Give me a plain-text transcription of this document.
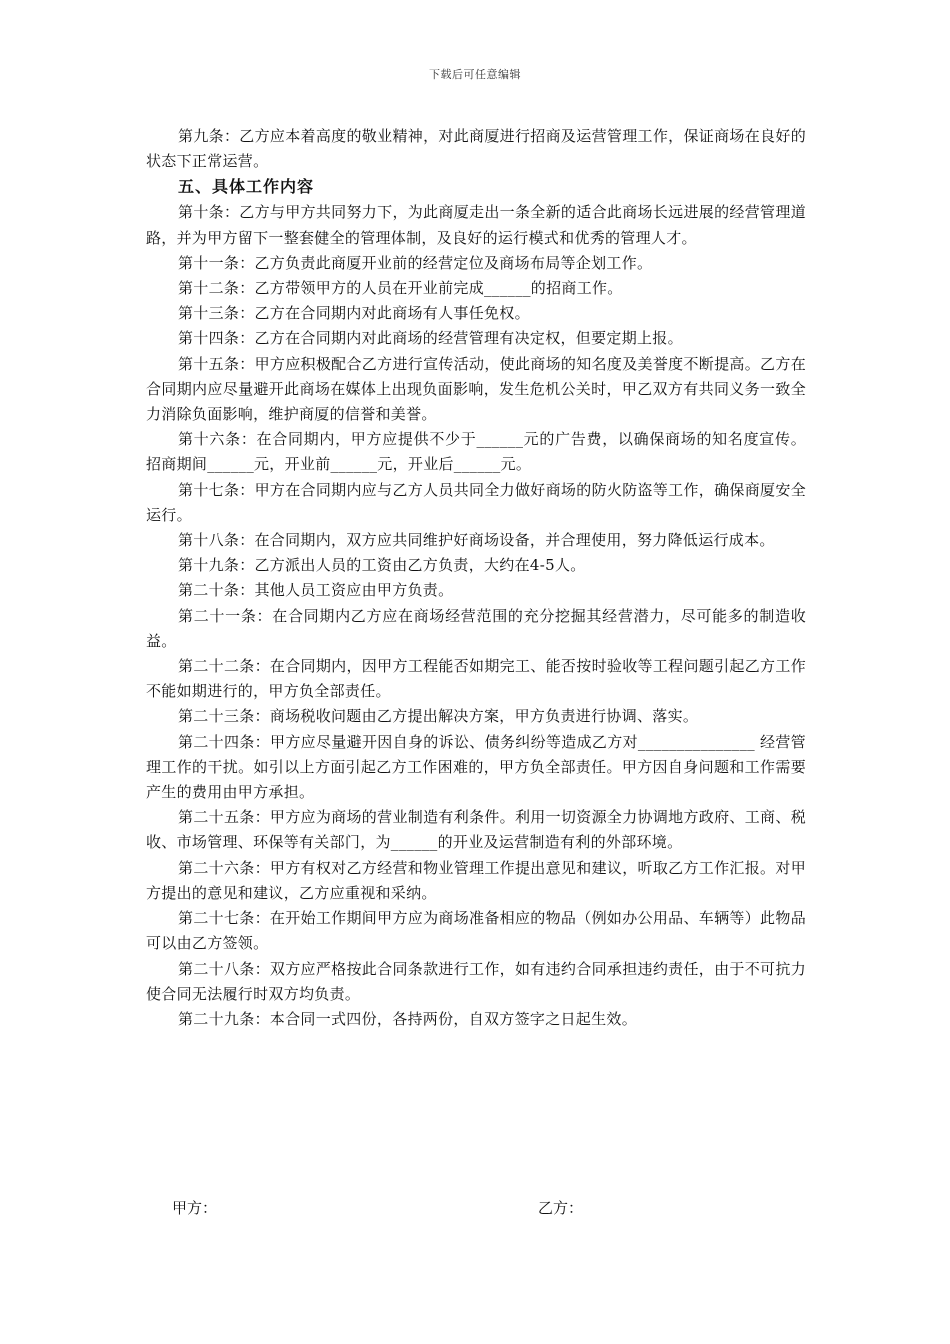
下载后可任意编辑

第九条：乙方应本着高度的敬业精神，对此商厦进行招商及运营管理工作，保证商场在良好的状态下正常运营。

五、具体工作内容

第十条：乙方与甲方共同努力下，为此商厦走出一条全新的适合此商场长远进展的经营管理道路，并为甲方留下一整套健全的管理体制，及良好的运行模式和优秀的管理人才。

第十一条：乙方负责此商厦开业前的经营定位及商场布局等企划工作。

第十二条：乙方带领甲方的人员在开业前完成______的招商工作。

第十三条：乙方在合同期内对此商场有人事任免权。

第十四条：乙方在合同期内对此商场的经营管理有决定权，但要定期上报。

第十五条：甲方应积极配合乙方进行宣传活动，使此商场的知名度及美誉度不断提高。乙方在合同期内应尽量避开此商场在媒体上出现负面影响，发生危机公关时，甲乙双方有共同义务一致全力消除负面影响，维护商厦的信誉和美誉。

第十六条：在合同期内，甲方应提供不少于______元的广告费，以确保商场的知名度宣传。招商期间______元，开业前______元，开业后______元。

第十七条：甲方在合同期内应与乙方人员共同全力做好商场的防火防盗等工作，确保商厦安全运行。

第十八条：在合同期内，双方应共同维护好商场设备，并合理使用，努力降低运行成本。

第十九条：乙方派出人员的工资由乙方负责，大约在4-5人。

第二十条：其他人员工资应由甲方负责。

第二十一条：在合同期内乙方应在商场经营范围的充分挖掘其经营潜力，尽可能多的制造收益。

第二十二条：在合同期内，因甲方工程能否如期完工、能否按时验收等工程问题引起乙方工作不能如期进行的，甲方负全部责任。

第二十三条：商场税收问题由乙方提出解决方案，甲方负责进行协调、落实。

第二十四条：甲方应尽量避开因自身的诉讼、债务纠纷等造成乙方对_______________ 经营管理工作的干扰。如引以上方面引起乙方工作困难的，甲方负全部责任。甲方因自身问题和工作需要产生的费用由甲方承担。

第二十五条：甲方应为商场的营业制造有利条件。利用一切资源全力协调地方政府、工商、税收、市场管理、环保等有关部门，为______的开业及运营制造有利的外部环境。

第二十六条：甲方有权对乙方经营和物业管理工作提出意见和建议，听取乙方工作汇报。对甲方提出的意见和建议，乙方应重视和采纳。

第二十七条：在开始工作期间甲方应为商场准备相应的物品（例如办公用品、车辆等）此物品可以由乙方签领。

第二十八条：双方应严格按此合同条款进行工作，如有违约合同承担违约责任，由于不可抗力使合同无法履行时双方均负责。

第二十九条：本合同一式四份，各持两份，自双方签字之日起生效。

甲方：	乙方：
